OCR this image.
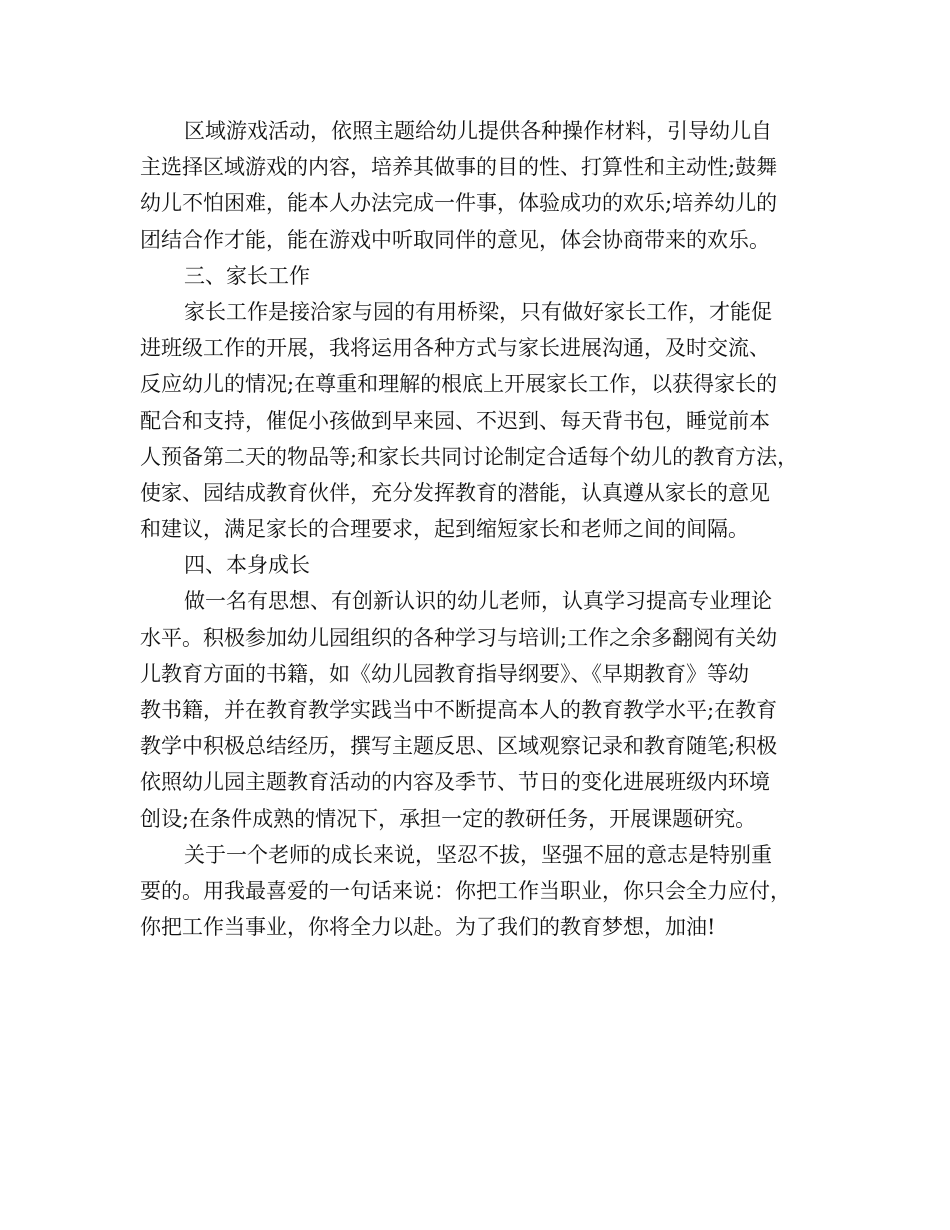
区域游戏活动，依照主题给幼儿提供各种操作材料，引导幼儿自
主选择区域游戏的内容，培养其做事的目的性、打算性和主动性;鼓舞
幼儿不怕困难，能本人办法完成一件事，体验成功的欢乐;培养幼儿的
团结合作才能，能在游戏中听取同伴的意见，体会协商带来的欢乐。
三、家长工作
家长工作是接洽家与园的有用桥梁，只有做好家长工作，才能促
进班级工作的开展，我将运用各种方式与家长进展沟通，及时交流、
反应幼儿的情况;在尊重和理解的根底上开展家长工作，以获得家长的
配合和支持，催促小孩做到早来园、不迟到、每天背书包，睡觉前本
人预备第二天的物品等;和家长共同讨论制定合适每个幼儿的教育方法，
使家、园结成教育伙伴，充分发挥教育的潜能，认真遵从家长的意见
和建议，满足家长的合理要求，起到缩短家长和老师之间的间隔。
四、本身成长
做一名有思想、有创新认识的幼儿老师，认真学习提高专业理论
水平。积极参加幼儿园组织的各种学习与培训;工作之余多翻阅有关幼
儿教育方面的书籍，如《幼儿园教育指导纲要》、《早期教育》等幼
教书籍，并在教育教学实践当中不断提高本人的教育教学水平;在教育
教学中积极总结经历，撰写主题反思、区域观察记录和教育随笔;积极
依照幼儿园主题教育活动的内容及季节、节日的变化进展班级内环境
创设;在条件成熟的情况下，承担一定的教研任务，开展课题研究。
关于一个老师的成长来说，坚忍不拔，坚强不屈的意志是特别重
要的。用我最喜爱的一句话来说：你把工作当职业，你只会全力应付，
你把工作当事业，你将全力以赴。为了我们的教育梦想，加油!
